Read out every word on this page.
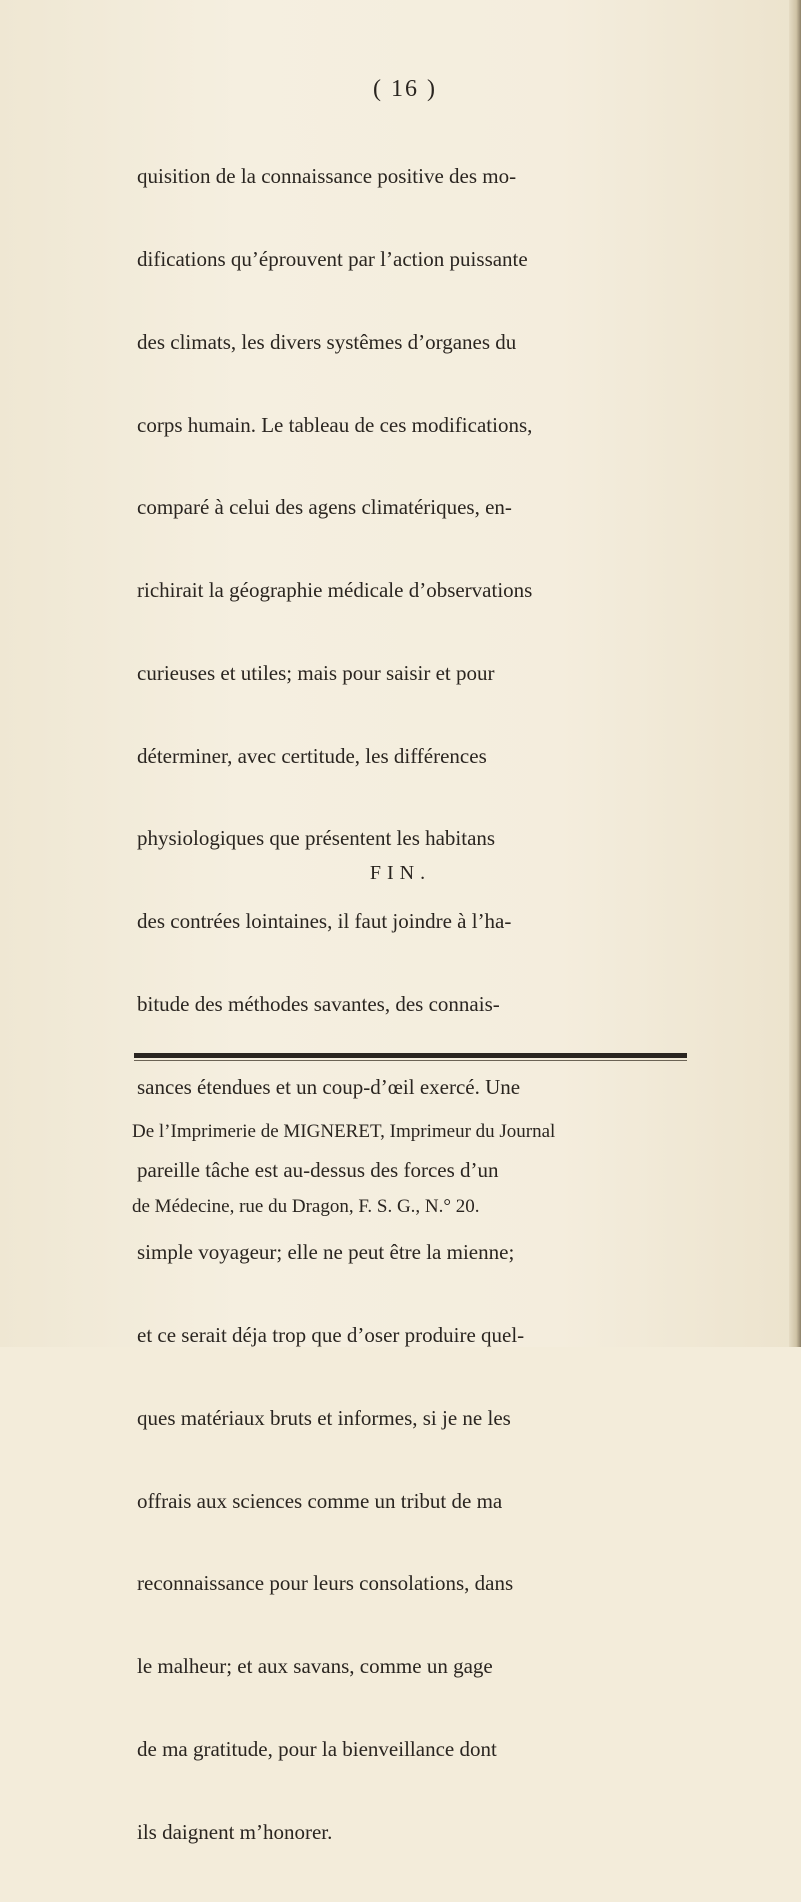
( 16 )

quisition de la connaissance positive des mo-

difications qu’éprouvent par l’action puissante

des climats, les divers systêmes d’organes du

corps humain. Le tableau de ces modifications,

comparé à celui des agens climatériques, en-

richirait la géographie médicale d’observations

curieuses et utiles; mais pour saisir et pour

déterminer, avec certitude, les différences

physiologiques que présentent les habitans

des contrées lointaines, il faut joindre à l’ha-

bitude des méthodes savantes, des connais-

sances étendues et un coup-d’œil exercé. Une

pareille tâche est au-dessus des forces d’un

simple voyageur; elle ne peut être la mienne;

et ce serait déja trop que d’oser produire quel-

ques matériaux bruts et informes, si je ne les

offrais aux sciences comme un tribut de ma

reconnaissance pour leurs consolations, dans

le malheur; et aux savans, comme un gage

de ma gratitude, pour la bienveillance dont

ils daignent m’honorer.

FIN.

De l’Imprimerie de MIGNERET, Imprimeur du Journal

de Médecine, rue du Dragon, F. S. G., N.° 20.
